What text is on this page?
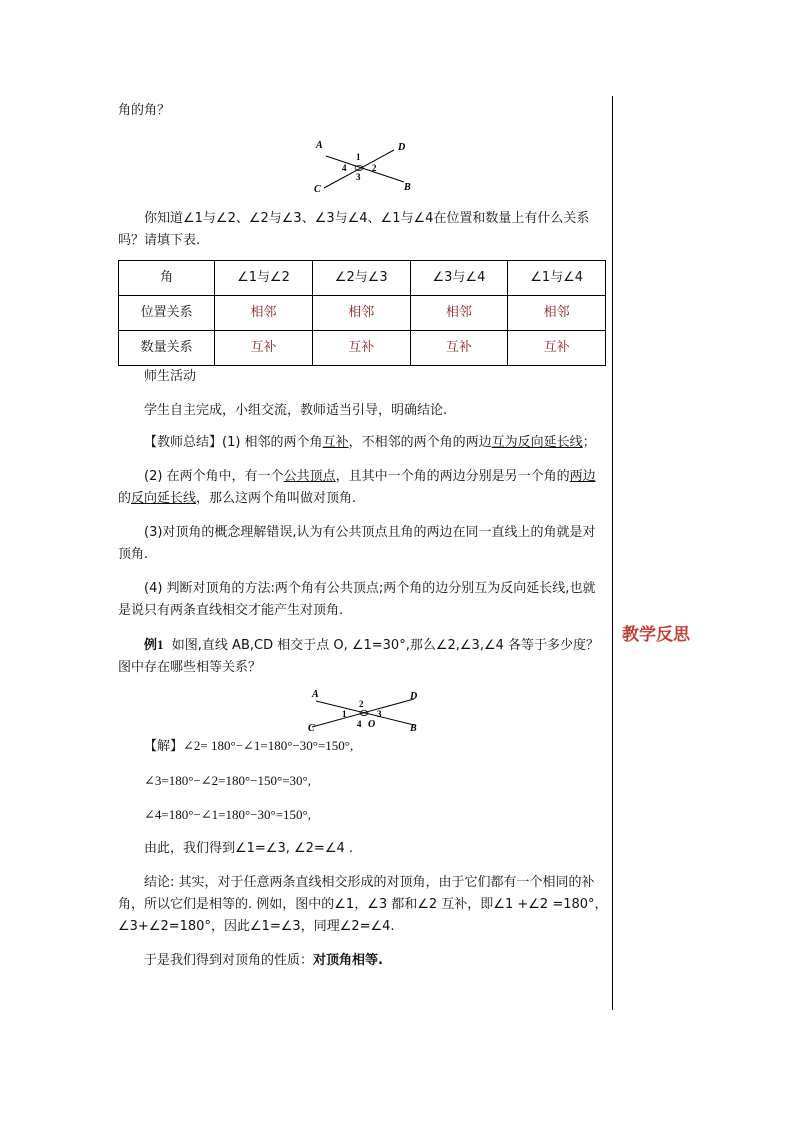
教学反思

角的角？

A	D
C	B
1
2
3
4

你知道∠1与∠2、∠2与∠3、∠3与∠4、∠1与∠4在位置和数量上有什么关系吗？请填下表.

角	∠1与∠2	∠2与∠3	∠3与∠4	∠1与∠4
位置关系	相邻	相邻	相邻	相邻
数量关系	互补	互补	互补	互补

师生活动

学生自主完成，小组交流，教师适当引导，明确结论.

【教师总结】(1) 相邻的两个角互补，不相邻的两个角的两边互为反向延长线；

(2) 在两个角中，有一个公共顶点，且其中一个角的两边分别是另一个角的两边的反向延长线，那么这两个角叫做对顶角.

(3)对顶角的概念理解错误,认为有公共顶点且角的两边在同一直线上的角就是对顶角.

(4) 判断对顶角的方法:两个角有公共顶点;两个角的边分别互为反向延长线,也就是说只有两条直线相交才能产生对顶角.

例1 如图,直线 AB,CD 相交于点 O, ∠1=30°,那么∠2,∠3,∠4 各等于多少度？图中存在哪些相等关系？

A	D
C	B
O
1
2
3
4

【解】∠2= 180°−∠1=180°−30°=150°,

∠3=180°−∠2=180°−150°=30°,

∠4=180°−∠1=180°−30°=150°,

由此，我们得到∠1=∠3, ∠2=∠4 .

结论: 其实，对于任意两条直线相交形成的对顶角，由于它们都有一个相同的补角，所以它们是相等的. 例如，图中的∠1，∠3 都和∠2 互补，即∠1 +∠2 =180°，∠3+∠2=180°，因此∠1=∠3，同理∠2=∠4.

于是我们得到对顶角的性质：对顶角相等.
